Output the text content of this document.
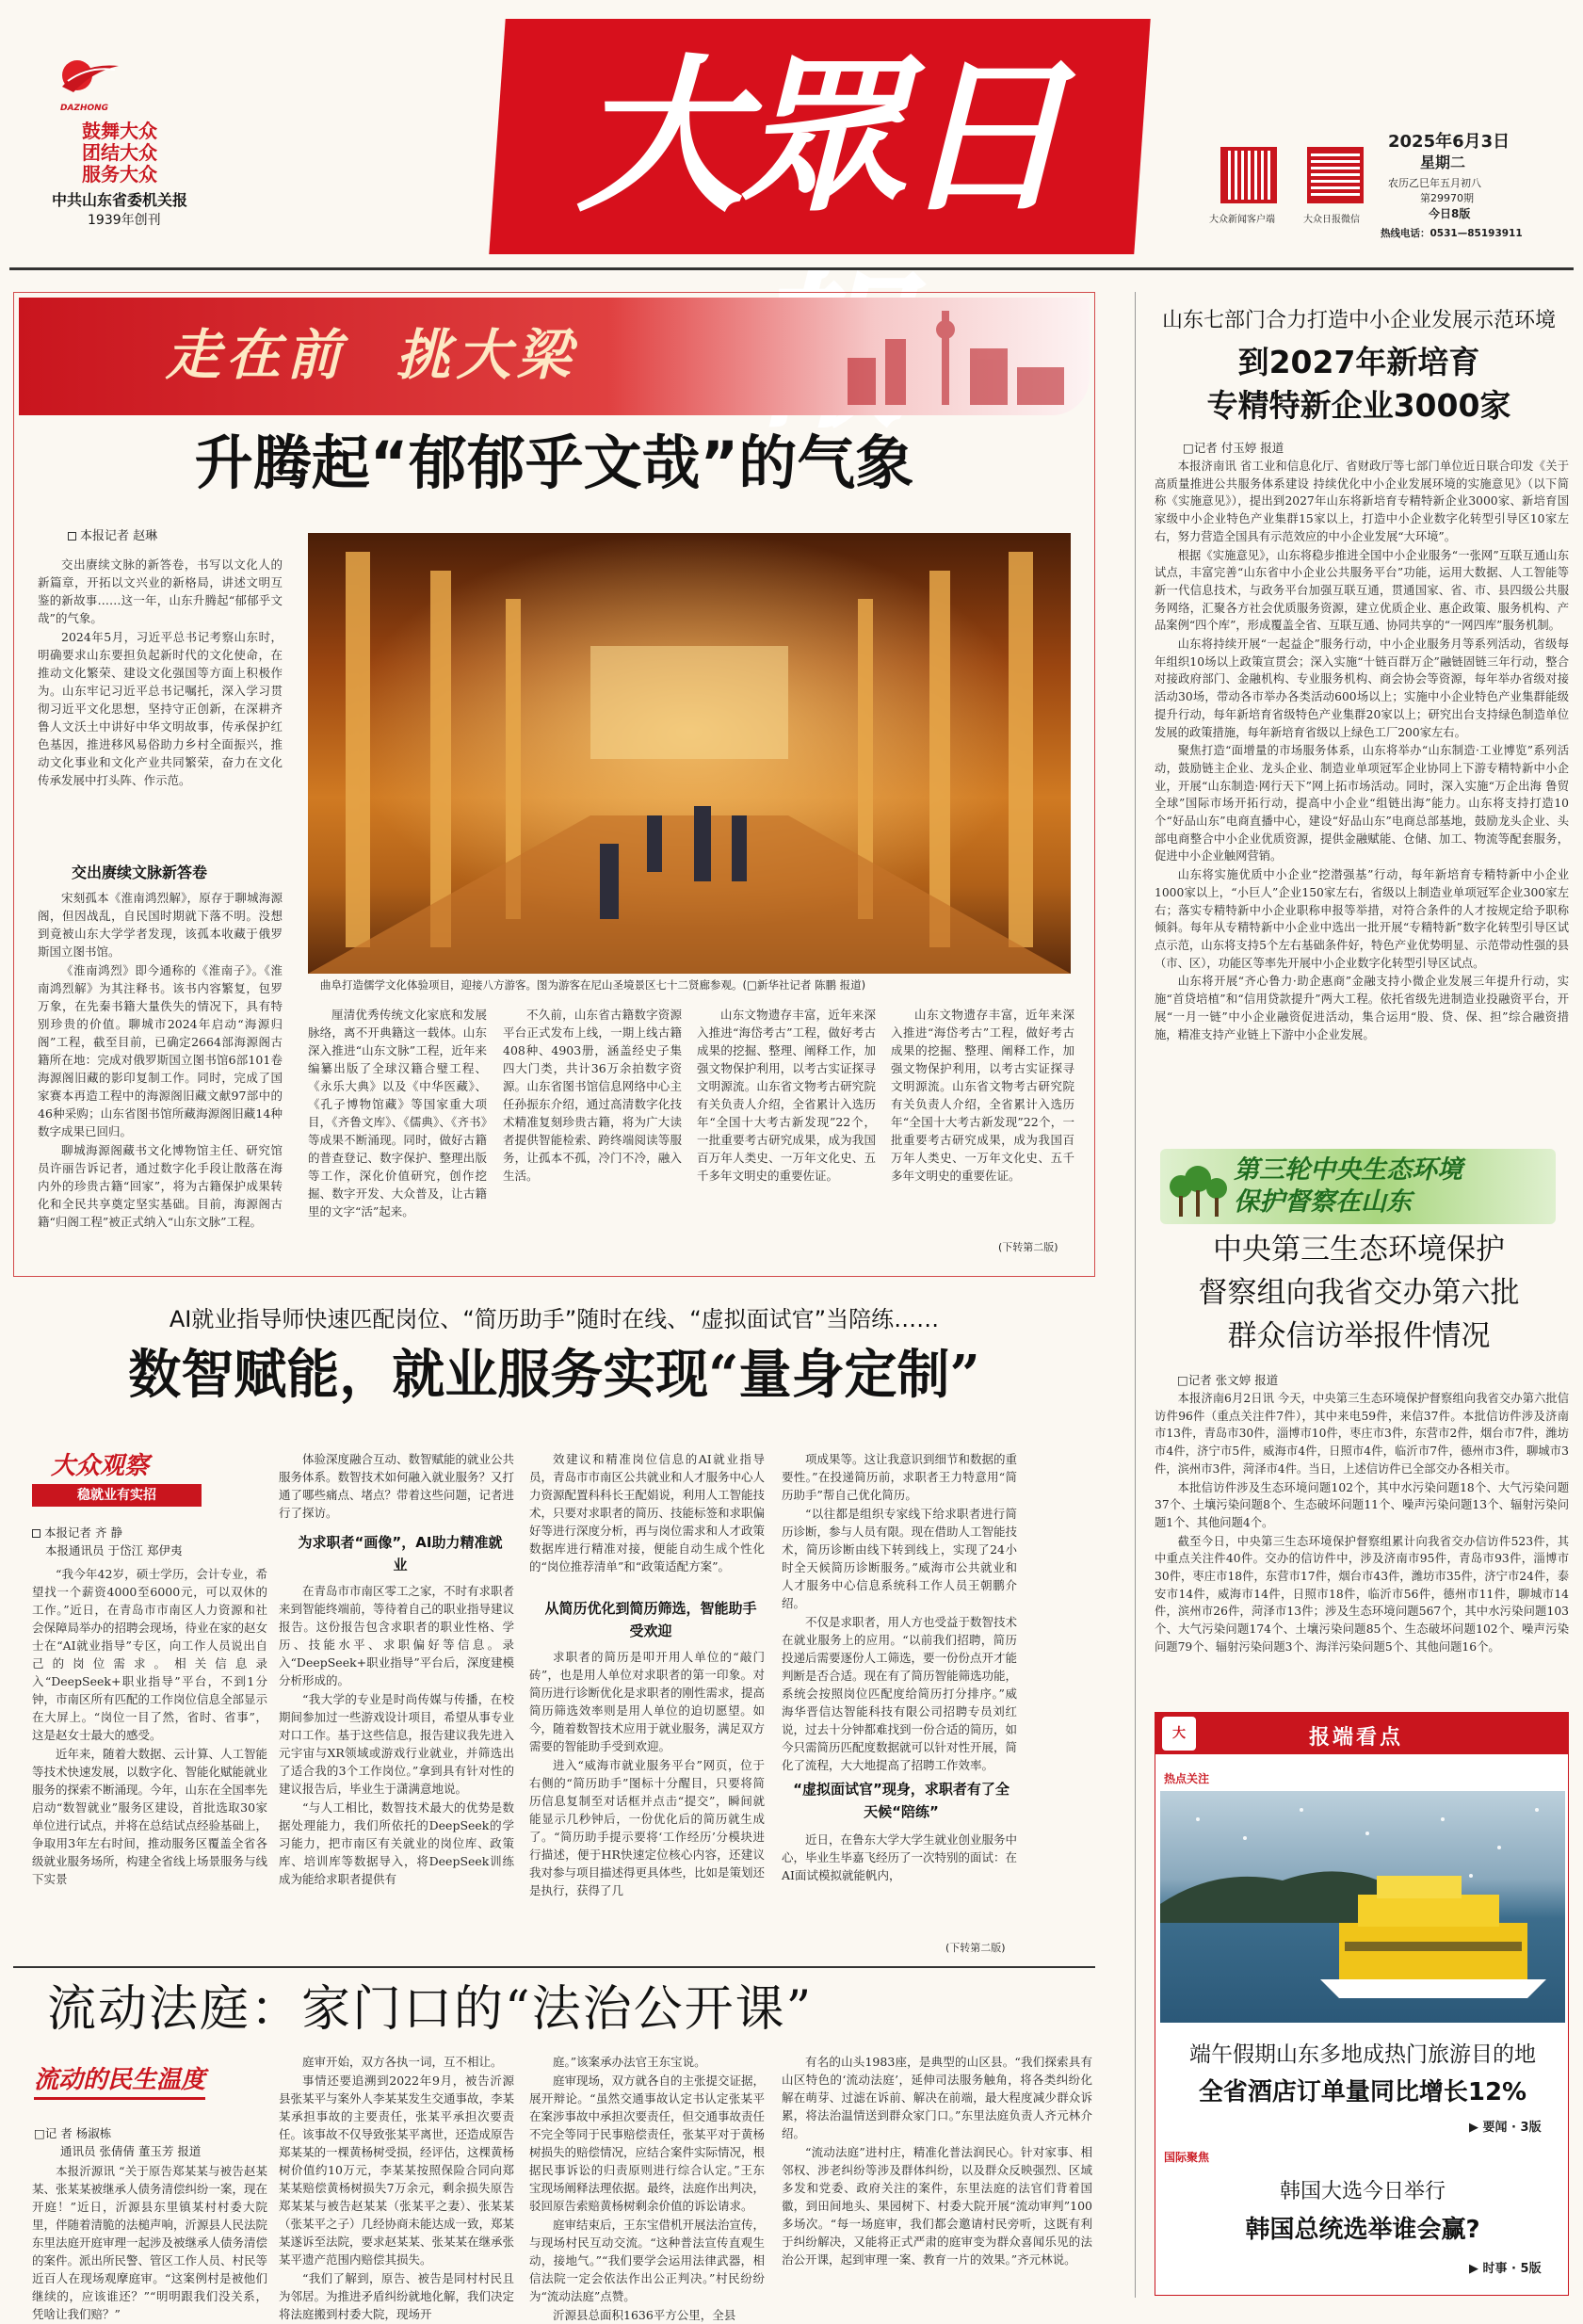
DAZHONG
鼓舞大众
团结大众
服务大众
中共山东省委机关报
1939年创刊	大眾日	大众新闻客户端	大众日报微信
2025年6月3日
星期二
农历乙巳年五月初八
第29970期
今日8版
热线电话：0531—85193911
走在前  挑大梁
升腾起“郁郁乎文哉”的气象
本报记者 赵琳

交出赓续文脉的新答卷，书写以文化人的新篇章，开拓以文兴业的新格局，讲述文明互鉴的新故事……这一年，山东升腾起“郁郁乎文哉”的气象。

2024年5月，习近平总书记考察山东时，明确要求山东要担负起新时代的文化使命，在推动文化繁荣、建设文化强国等方面上积极作为。山东牢记习近平总书记嘱托，深入学习贯彻习近平文化思想，坚持守正创新，在深耕齐鲁人文沃土中讲好中华文明故事，传承保护红色基因，推进移风易俗助力乡村全面振兴，推动文化事业和文化产业共同繁荣，奋力在文化传承发展中打头阵、作示范。

交出赓续文脉新答卷

宋刻孤本《淮南鸿烈解》，原存于聊城海源阁，但因战乱，自民国时期就下落不明。没想到竟被山东大学学者发现，该孤本收藏于俄罗斯国立图书馆。

《淮南鸿烈》即今通称的《淮南子》。《淮南鸿烈解》为其注释书。该书内容繁复，包罗万象，在先秦书籍大量佚失的情况下，具有特别珍贵的价值。聊城市2024年启动“海源归阁”工程，截至目前，已确定2664部海源阁古籍所在地：完成对俄罗斯国立图书馆6部101卷海源阁旧藏的影印复制工作。同时，完成了国家赛本再造工程中的海源阁旧藏文献97部中的46种采购；山东省图书馆所藏海源阁旧藏14种数字成果已回归。

聊城海源阁藏书文化博物馆主任、研究馆员许丽告诉记者，通过数字化手段让散落在海内外的珍贵古籍“回家”，将为古籍保护成果转化和全民共享奠定坚实基础。目前，海源阁古籍“归阁工程”被正式纳入“山东文脉”工程。

曲阜打造儒学文化体验项目，迎接八方游客。图为游客在尼山圣境景区七十二贤廊参观。(□新华社记者 陈鹏 报道)

厘清优秀传统文化家底和发展脉络，离不开典籍这一载体。山东深入推进“山东文脉”工程，近年来编纂出版了全球汉籍合璧工程、《永乐大典》以及《中华医藏》、《孔子博物馆藏》等国家重大项目，《齐鲁文库》、《儒典》、《齐书》等成果不断涌现。同时，做好古籍的普查登记、数字保护、整理出版等工作，深化价值研究，创作挖掘、数字开发、大众普及，让古籍里的文字“活”起来。

不久前，山东省古籍数字资源平台正式发布上线，一期上线古籍408种、4903册，涵盖经史子集四大门类，共计36万余拍数字资源。山东省图书馆信息网络中心主任孙振东介绍，通过高清数字化技术精准复刻珍贵古籍，将为广大读者提供智能检索、跨终端阅读等服务，让孤本不孤，冷门不冷，融入生活。

山东文物遗存丰富，近年来深入推进“海岱考古”工程，做好考古成果的挖掘、整理、阐释工作，加强文物保护利用，以考古实证探寻文明源流。山东省文物考古研究院有关负责人介绍，全省累计入选历年“全国十大考古新发现”22个，一批重要考古研究成果，成为我国百万年人类史、一万年文化史、五千多年文明史的重要佐证。

山东文物遗存丰富，近年来深入推进“海岱考古”工程，做好考古成果的挖掘、整理、阐释工作，加强文物保护利用，以考古实证探寻文明源流。山东省文物考古研究院有关负责人介绍，全省累计入选历年“全国十大考古新发现”22个，一批重要考古研究成果，成为我国百万年人类史、一万年文化史、五千多年文明史的重要佐证。

(下转第二版)
山东七部门合力打造中小企业发展示范环境
到2027年新培育
专精特新企业3000家
□记者 付玉婷 报道

本报济南讯 省工业和信息化厅、省财政厅等七部门单位近日联合印发《关于高质量推进公共服务体系建设 持续优化中小企业发展环境的实施意见》（以下简称《实施意见》），提出到2027年山东将新培育专精特新企业3000家、新培育国家级中小企业特色产业集群15家以上，打造中小企业数字化转型引导区10家左右，努力营造全国具有示范效应的中小企业发展“大环境”。

根据《实施意见》，山东将稳步推进全国中小企业服务“一张网”互联互通山东试点，丰富完善“山东省中小企业公共服务平台”功能，运用大数据、人工智能等新一代信息技术，与政务平台加强互联互通，贯通国家、省、市、县四级公共服务网络，汇聚各方社会优质服务资源，建立优质企业、惠企政策、服务机构、产品案例“四个库”，形成覆盖全省、互联互通、协同共享的“一网四库”服务机制。

山东将持续开展“一起益企”服务行动，中小企业服务月等系列活动，省级每年组织10场以上政策宣贯会；深入实施“十链百群万企”融链固链三年行动，整合对接政府部门、金融机构、专业服务机构、商会协会等资源，每年举办省级对接活动30场，带动各市举办各类活动600场以上；实施中小企业特色产业集群能级提升行动，每年新培育省级特色产业集群20家以上；研究出台支持绿色制造单位发展的政策措施，每年新培育省级以上绿色工厂200家左右。

聚焦打造“面增量的市场服务体系，山东将举办“山东制造·工业博览”系列活动，鼓励链主企业、龙头企业、制造业单项冠军企业协同上下游专精特新中小企业，开展“山东制造·网行天下”网上拓市场活动。同时，深入实施“万企出海 鲁贸全球”国际市场开拓行动，提高中小企业“组链出海”能力。山东将支持打造10个“好品山东”电商直播中心，建设“好品山东”电商总部基地，鼓励龙头企业、头部电商整合中小企业优质资源，提供金融赋能、仓储、加工、物流等配套服务，促进中小企业触网营销。

山东将实施优质中小企业“挖潜强基”行动，每年新培育专精特新中小企业1000家以上，“小巨人”企业150家左右，省级以上制造业单项冠军企业300家左右；落实专精特新中小企业职称申报等举措，对符合条件的人才按规定给予职称倾斜。每年从专精特新中小企业中选出一批开展“专精特新”数字化转型引导区试点示范，山东将支持5个左右基础条件好，特色产业优势明显、示范带动性强的县（市、区），功能区等率先开展中小企业数字化转型引导区试点。

山东将开展“齐心鲁力·助企惠商”金融支持小微企业发展三年提升行动，实施“首贷培植”和“信用贷款提升”两大工程。依托省级先进制造业投融资平台，开展“一月一链”中小企业融资促进活动，集合运用“股、贷、保、担”综合融资措施，精准支持产业链上下游中小企业发展。

第三轮中央生态环境保护督察在山东
中央第三生态环境保护
督察组向我省交办第六批
群众信访举报件情况
□记者 张文婷 报道

本报济南6月2日讯 今天，中央第三生态环境保护督察组向我省交办第六批信访件96件（重点关注件7件），其中来电59件，来信37件。本批信访件涉及济南市13件，青岛市30件，淄博市10件，枣庄市3件，东营市2件，烟台市7件，潍坊市4件，济宁市5件，威海市4件，日照市4件，临沂市7件，德州市3件，聊城市3件，滨州市3件，菏泽市4件。当日，上述信访件已全部交办各相关市。

本批信访件涉及生态环境问题102个，其中水污染问题18个、大气污染问题37个、土壤污染问题8个、生态破坏问题11个、噪声污染问题13个、辐射污染问题1个、其他问题4个。

截至今日，中央第三生态环境保护督察组累计向我省交办信访件523件，其中重点关注件40件。交办的信访件中，涉及济南市95件，青岛市93件，淄博市30件，枣庄市18件，东营市17件，烟台市43件，潍坊市35件，济宁市24件，泰安市14件，威海市14件，日照市18件，临沂市56件，德州市11件，聊城市14件，滨州市26件，菏泽市13件；涉及生态环境问题567个，其中水污染问题103个、大气污染问题174个、土壤污染问题85个、生态破坏问题102个、噪声污染问题79个、辐射污染问题3个、海洋污染问题5个、其他问题16个。

大	报端看点
热点关注
端午假期山东多地成热门旅游目的地
全省酒店订单量同比增长12%
▶ 要闻 · 3版
国际聚焦
韩国大选今日举行
韩国总统选举谁会赢?
▶ 时事 · 5版
AI就业指导师快速匹配岗位、“简历助手”随时在线、“虚拟面试官”当陪练……
数智赋能，就业服务实现“量身定制”
大众观察
稳就业有实招
本报记者 齐 静
本报通讯员 于岱江 郑伊夷

“我今年42岁，硕士学历，会计专业，希望找一个薪资4000至6000元，可以双休的工作。”近日，在青岛市市南区人力资源和社会保障局举办的招聘会现场，待业在家的赵女士在“AI就业指导”专区，向工作人员说出自己的岗位需求。相关信息录入“DeepSeek+职业指导”平台，不到1分钟，市南区所有匹配的工作岗位信息全部显示在大屏上。“岗位一目了然，省时、省事”，这是赵女士最大的感受。

近年来，随着大数据、云计算、人工智能等技术快速发展，以数字化、智能化赋能就业服务的探索不断涌现。今年，山东在全国率先启动“数智就业”服务区建设，首批选取30家单位进行试点，并将在总结试点经验基础上，争取用3年左右时间，推动服务区覆盖全省各级就业服务场所，构建全省线上场景服务与线下实景

体验深度融合互动、数智赋能的就业公共服务体系。数智技术如何融入就业服务？又打通了哪些痛点、堵点？带着这些问题，记者进行了探访。

为求职者“画像”，AI助力精准就业

在青岛市市南区零工之家，不时有求职者来到智能终端前，等待着自己的职业指导建议报告。这份报告包含求职者的职业性格、学历、技能水平、求职偏好等信息。录入“DeepSeek+职业指导”平台后，深度建模分析形成的。

“我大学的专业是时尚传媒与传播，在校期间参加过一些游戏设计项目，希望从事专业对口工作。基于这些信息，报告建议我先进入元宇宙与XR领域或游戏行业就业，并筛选出了适合我的3个工作岗位。”拿到具有针对性的建议报告后，毕业生于潇满意地说。

“与人工相比，数智技术最大的优势是数据处理能力，我们所依托的DeepSeek的学习能力，把市南区有关就业的岗位库、政策库、培训库等数据导入，将DeepSeek训练成为能给求职者提供有

效建议和精准岗位信息的AI就业指导员，青岛市市南区公共就业和人才服务中心人力资源配置科科长王配娟说，利用人工智能技术，只要对求职者的简历、技能标签和求职偏好等进行深度分析，再与岗位需求和人才政策数据库进行精准对接，便能自动生成个性化的“岗位推荐清单”和“政策适配方案”。

从简历优化到简历筛选，智能助手受欢迎

求职者的简历是叩开用人单位的“敲门砖”，也是用人单位对求职者的第一印象。对简历进行诊断优化是求职者的刚性需求，提高简历筛选效率则是用人单位的迫切愿望。如今，随着数智技术应用于就业服务，满足双方需要的智能助手受到欢迎。

进入“威海市就业服务平台”网页，位于右侧的“简历助手”图标十分醒目，只要将简历信息复制至对话框并点击“提交”，瞬间就能显示几秒钟后，一份优化后的简历就生成了。“简历助手提示要将‘工作经历’分模块进行描述，便于HR快速定位核心内容，还建议我对参与项目描述得更具体些，比如是策划还是执行，获得了几

项成果等。这让我意识到细节和数据的重要性。”在投递简历前，求职者王力特意用“简历助手”帮自己优化简历。

“以往都是组织专家线下给求职者进行简历诊断，参与人员有限。现在借助人工智能技术，简历诊断由线下转到线上，实现了24小时全天候简历诊断服务。”威海市公共就业和人才服务中心信息系统科工作人员王朝鹏介绍。

不仅是求职者，用人方也受益于数智技术在就业服务上的应用。“以前我们招聘，简历投递后需要逐份人工筛选，要一份份点开才能判断是否合适。现在有了简历智能筛选功能，系统会按照岗位匹配度给简历打分排序。”威海华晋信达智能科技有限公司招聘专员刘红说，过去十分钟都难找到一份合适的简历，如今只需简历匹配度数据就可以针对性开展，简化了流程，大大地提高了招聘工作效率。

“虚拟面试官”现身，求职者有了全天候“陪练”

近日，在鲁东大学大学生就业创业服务中心，毕业生毕嘉飞经历了一次特别的面试：在AI面试模拟就能帆内，

(下转第二版)
流动法庭：家门口的“法治公开课”
流动的民生温度
□记 者 杨淑栋
通讯员 张倩倩 董玉芳 报道

本报沂源讯 “关于原告郑某某与被告赵某某、张某某被继承人债务清偿纠纷一案，现在开庭！”近日，沂源县东里镇某村村委大院里，伴随着清脆的法槌声响，沂源县人民法院东里法庭开庭审理一起涉及被继承人债务清偿的案件。派出所民警、管区工作人员、村民等近百人在现场观摩庭审。“这案例村是被他们继续的，应该谁还？”“明明跟我们没关系，凭啥让我们赔？”

庭审开始，双方各执一词，互不相让。

事情还要追溯到2022年9月，被告沂源县张某平与案外人李某某发生交通事故，李某某承担事故的主要责任，张某平承担次要责任。该事故不仅导致张某平离世，还造成原告郑某某的一棵黄杨树受损，经评估，这棵黄杨树价值约10万元，李某某按照保险合同向郑某某赔偿黄杨树损失7万余元，剩余损失原告郑某某与被告赵某某（张某平之妻）、张某某（张某平之子）几经协商未能达成一致，郑某某遂诉至法院，要求赵某某、张某某在继承张某平遗产范围内赔偿其损失。

“我们了解到，原告、被告是同村村民且为邻居。为推进矛盾纠纷就地化解，我们决定将法庭搬到村委大院，现场开

庭。”该案承办法官王东宝说。

庭审现场，双方就各自的主张提交证据，展开辩论。“虽然交通事故认定书认定张某平在案涉事故中承担次要责任，但交通事故责任不完全等同于民事赔偿责任，张某平对于黄杨树损失的赔偿情况，应结合案件实际情况，根据民事诉讼的归责原则进行综合认定。”王东宝现场阐释法理依据。最终，法庭作出判决，驳回原告索赔黄杨树剩余价值的诉讼请求。

庭审结束后，王东宝借机开展法治宣传，与现场村民互动交流。“这种普法宣传直观生动，接地气。”“我们要学会运用法律武器，相信法院一定会依法作出公正判决。”村民纷纷为“流动法庭”点赞。

沂源县总面积1636平方公里，全县

有名的山头1983座，是典型的山区县。“我们探索具有山区特色的‘流动法庭’，延伸司法服务触角，将各类纠纷化解在萌芽、过滤在诉前、解决在前端，最大程度减少群众诉累，将法治温情送到群众家门口。”东里法庭负责人齐元林介绍。

“流动法庭”进村庄，精准化普法润民心。针对家事、相邻权、涉老纠纷等涉及群体纠纷，以及群众反映强烈、区域多发和党委、政府关注的案件，东里法庭的法官们背着国徽，到田间地头、果园树下、村委大院开展“流动审判”100多场次。“每一场庭审，我们都会邀请村民旁听，这既有利于纠纷解决，又能将正式严肃的庭审变为群众喜闻乐见的法治公开课，起到审理一案、教育一片的效果。”齐元林说。
